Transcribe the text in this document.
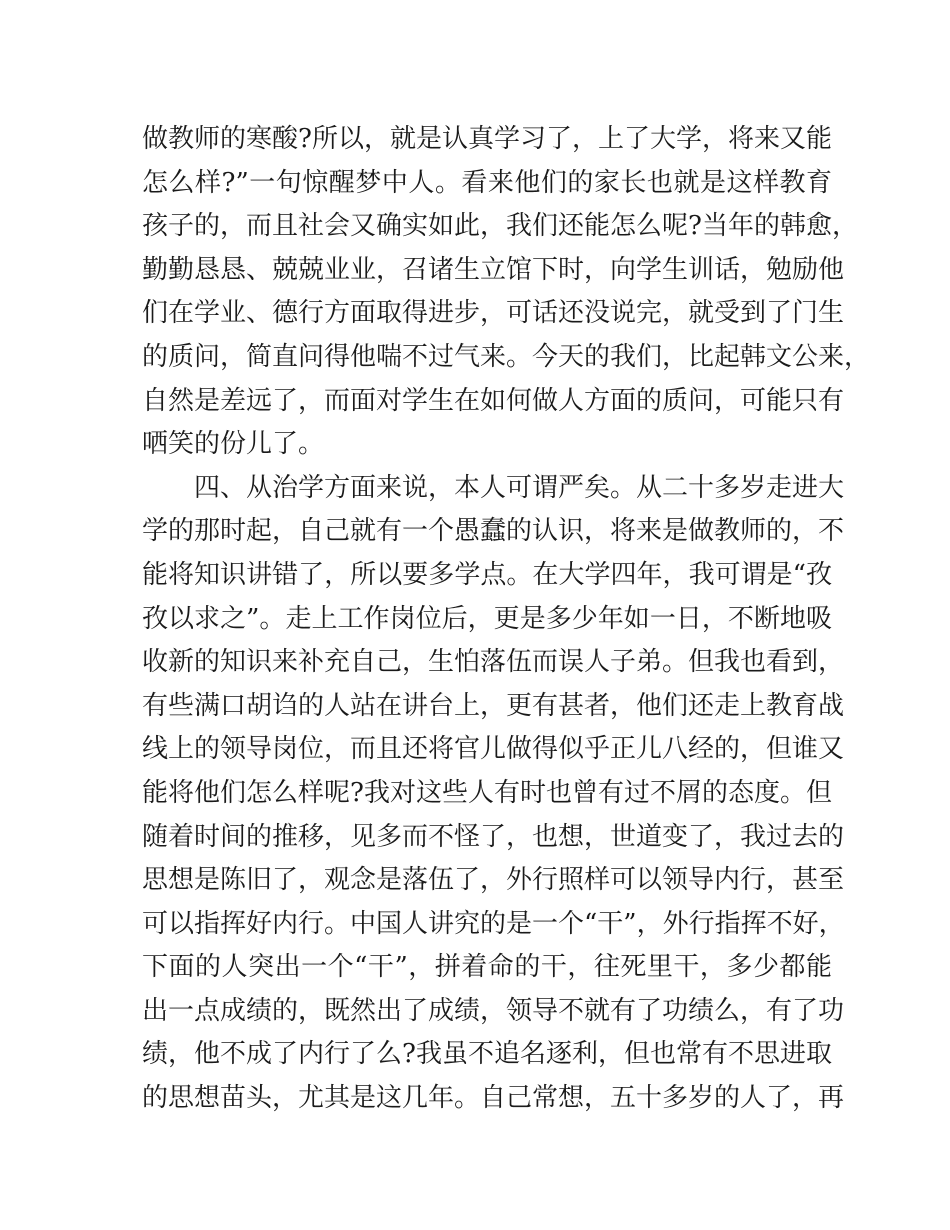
做教师的寒酸?所以，就是认真学习了，上了大学，将来又能
怎么样?”一句惊醒梦中人。看来他们的家长也就是这样教育
孩子的，而且社会又确实如此，我们还能怎么呢?当年的韩愈，
勤勤恳恳、兢兢业业，召诸生立馆下时，向学生训话，勉励他
们在学业、德行方面取得进步，可话还没说完，就受到了门生
的质问，简直问得他喘不过气来。今天的我们，比起韩文公来，
自然是差远了，而面对学生在如何做人方面的质问，可能只有
哂笑的份儿了。
四、从治学方面来说，本人可谓严矣。从二十多岁走进大
学的那时起，自己就有一个愚蠢的认识，将来是做教师的，不
能将知识讲错了，所以要多学点。在大学四年，我可谓是“孜
孜以求之”。走上工作岗位后，更是多少年如一日，不断地吸
收新的知识来补充自己，生怕落伍而误人子弟。但我也看到，
有些满口胡诌的人站在讲台上，更有甚者，他们还走上教育战
线上的领导岗位，而且还将官儿做得似乎正儿八经的，但谁又
能将他们怎么样呢?我对这些人有时也曾有过不屑的态度。但
随着时间的推移，见多而不怪了，也想，世道变了，我过去的
思想是陈旧了，观念是落伍了，外行照样可以领导内行，甚至
可以指挥好内行。中国人讲究的是一个“干”，外行指挥不好，
下面的人突出一个“干”，拼着命的干，往死里干，多少都能
出一点成绩的，既然出了成绩，领导不就有了功绩么，有了功
绩，他不成了内行了么?我虽不追名逐利，但也常有不思进取
的思想苗头，尤其是这几年。自己常想，五十多岁的人了，再
